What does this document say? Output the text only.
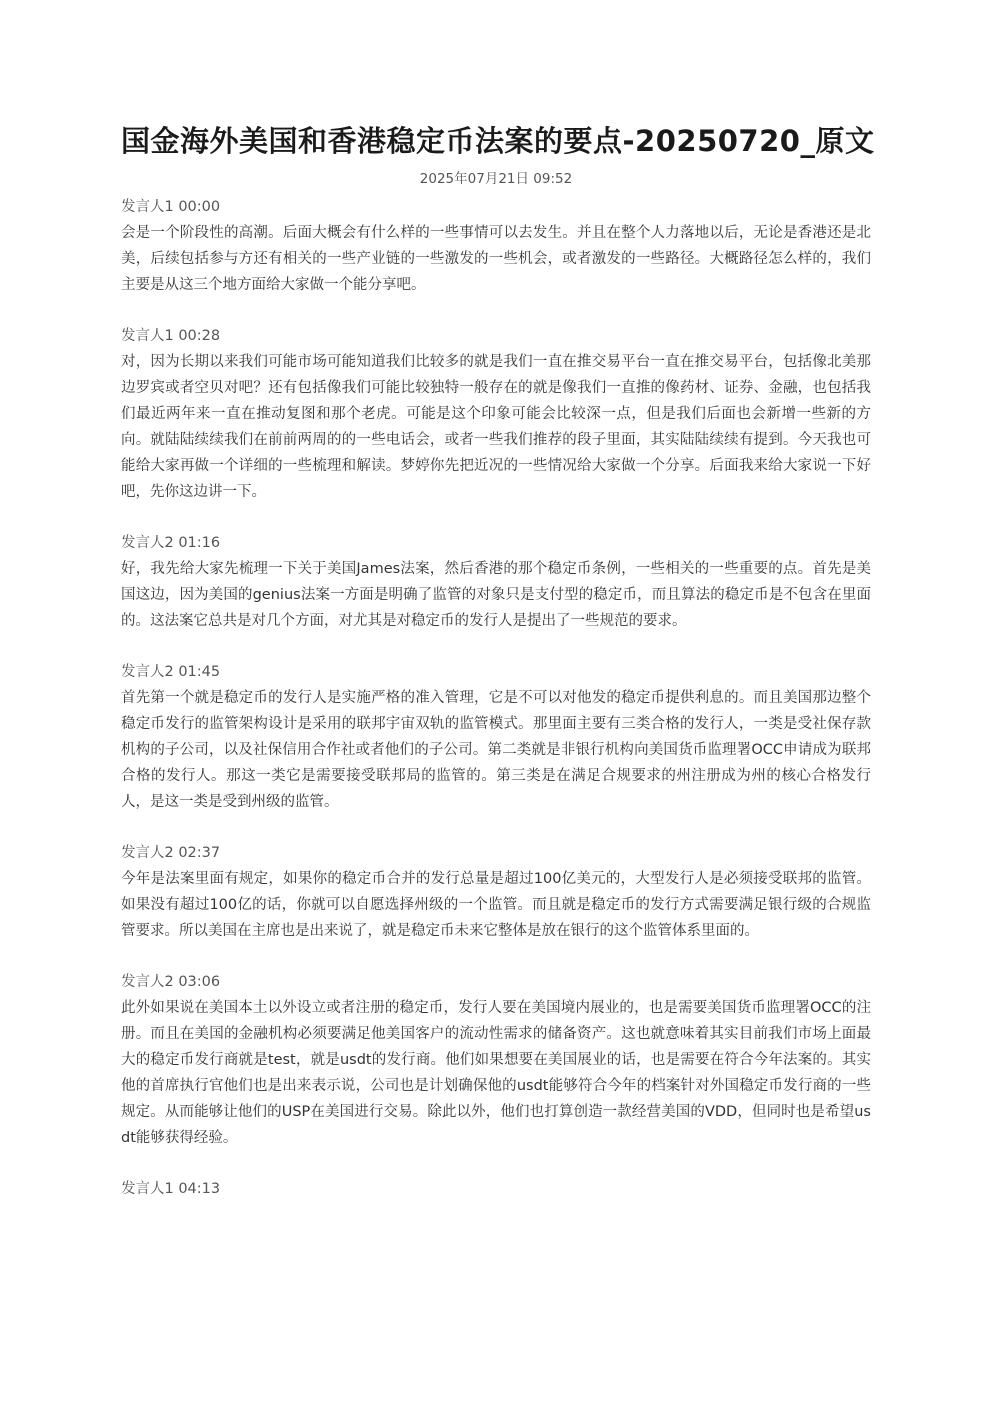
国金海外美国和香港稳定币法案的要点-20250720_原文
2025年07月21日 09:52
发言人1 00:00

会是一个阶段性的高潮。后面大概会有什么样的一些事情可以去发生。并且在整个人力落地以后，无论是香港还是北美，后续包括参与方还有相关的一些产业链的一些激发的一些机会，或者激发的一些路径。大概路径怎么样的，我们主要是从这三个地方面给大家做一个能分享吧。

发言人1 00:28

对，因为长期以来我们可能市场可能知道我们比较多的就是我们一直在推交易平台一直在推交易平台，包括像北美那边罗宾或者空贝对吧？还有包括像我们可能比较独特一般存在的就是像我们一直推的像药材、证券、金融，也包括我们最近两年来一直在推动复图和那个老虎。可能是这个印象可能会比较深一点，但是我们后面也会新增一些新的方向。就陆陆续续我们在前前两周的的一些电话会，或者一些我们推荐的段子里面，其实陆陆续续有提到。今天我也可能给大家再做一个详细的一些梳理和解读。梦婷你先把近况的一些情况给大家做一个分享。后面我来给大家说一下好吧，先你这边讲一下。

发言人2 01:16

好，我先给大家先梳理一下关于美国James法案，然后香港的那个稳定币条例，一些相关的一些重要的点。首先是美国这边，因为美国的genius法案一方面是明确了监管的对象只是支付型的稳定币，而且算法的稳定币是不包含在里面的。这法案它总共是对几个方面，对尤其是对稳定币的发行人是提出了一些规范的要求。

发言人2 01:45

首先第一个就是稳定币的发行人是实施严格的准入管理，它是不可以对他发的稳定币提供利息的。而且美国那边整个稳定币发行的监管架构设计是采用的联邦宇宙双轨的监管模式。那里面主要有三类合格的发行人，一类是受社保存款机构的子公司，以及社保信用合作社或者他们的子公司。第二类就是非银行机构向美国货币监理署OCC申请成为联邦合格的发行人。那这一类它是需要接受联邦局的监管的。第三类是在满足合规要求的州注册成为州的核心合格发行人，是这一类是受到州级的监管。

发言人2 02:37

今年是法案里面有规定，如果你的稳定币合并的发行总量是超过100亿美元的，大型发行人是必须接受联邦的监管。如果没有超过100亿的话，你就可以自愿选择州级的一个监管。而且就是稳定币的发行方式需要满足银行级的合规监管要求。所以美国在主席也是出来说了，就是稳定币未来它整体是放在银行的这个监管体系里面的。

发言人2 03:06

此外如果说在美国本土以外设立或者注册的稳定币，发行人要在美国境内展业的，也是需要美国货币监理署OCC的注册。而且在美国的金融机构必须要满足他美国客户的流动性需求的储备资产。这也就意味着其实目前我们市场上面最大的稳定币发行商就是test，就是usdt的发行商。他们如果想要在美国展业的话，也是需要在符合今年法案的。其实他的首席执行官他们也是出来表示说，公司也是计划确保他的usdt能够符合今年的档案针对外国稳定币发行商的一些规定。从而能够让他们的USP在美国进行交易。除此以外，他们也打算创造一款经营美国的VDD，但同时也是希望usdt能够获得经验。

发言人1 04:13
